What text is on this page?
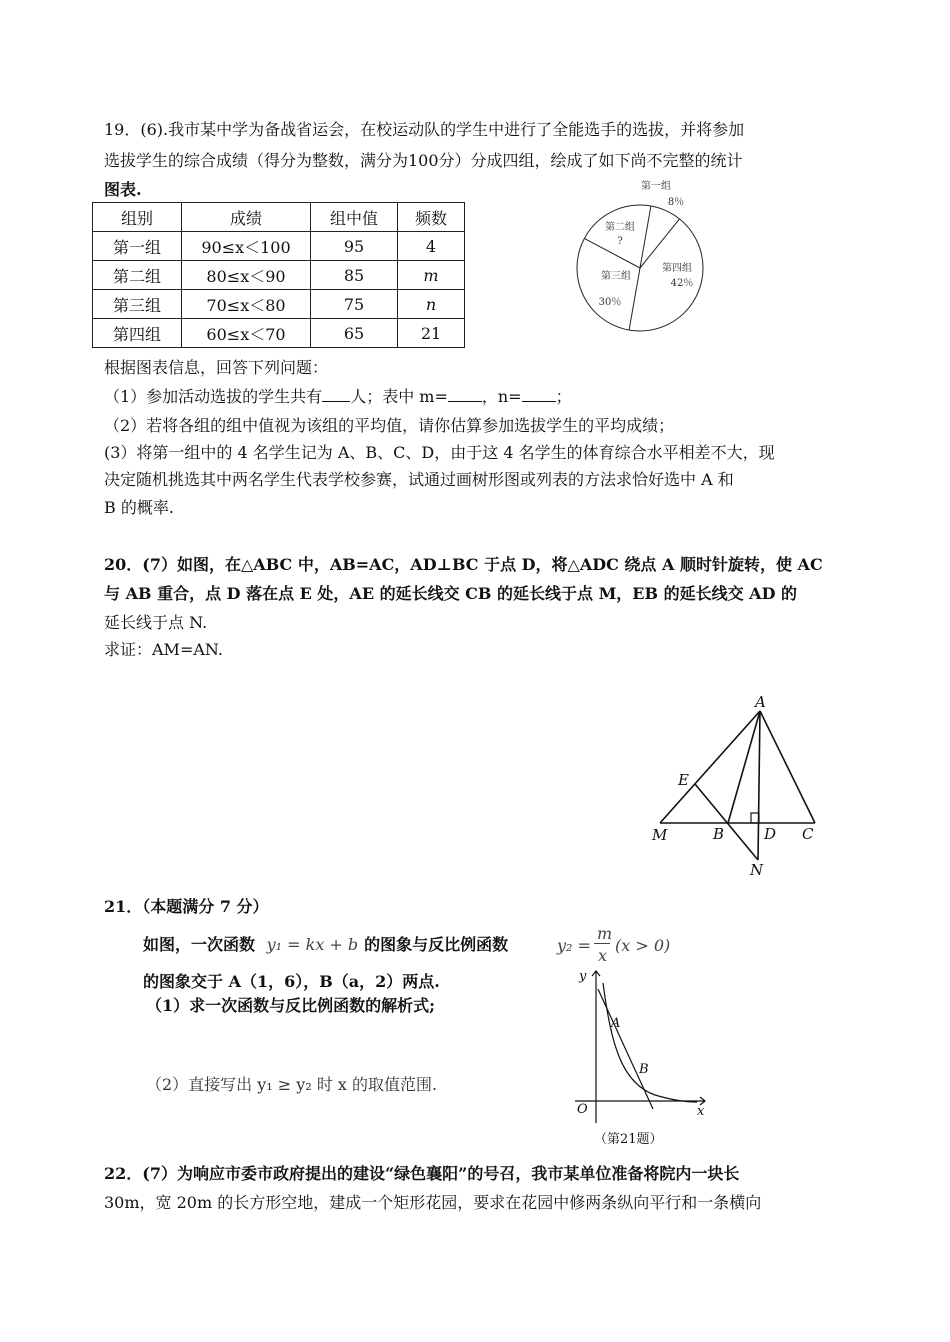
19．(6).我市某中学为备战省运会，在校运动队的学生中进行了全能选手的选拔，并将参加
选拔学生的综合成绩（得分为整数，满分为100分）分成四组，绘成了如下尚不完整的统计
图表.
组别	成绩	组中值	频数
第一组	90≤x＜100	95	4
第二组	80≤x＜90	85	m
第三组	70≤x＜80	75	n
第四组	60≤x＜70	65	21
第一组
8％
第二组
?
第三组
30％
第四组
42％
根据图表信息，回答下列问题：
（1）参加活动选拔的学生共有 人；表中 m= ，n= ；
（2）若将各组的组中值视为该组的平均值，请你估算参加选拔学生的平均成绩；
(3）将第一组中的 4 名学生记为 A、B、C、D，由于这 4 名学生的体育综合水平相差不大，现
决定随机挑选其中两名学生代表学校参赛，试通过画树形图或列表的方法求恰好选中 A 和
B 的概率.
20．(7）如图，在△ABC 中，AB=AC，AD⊥BC 于点 D，将△ADC 绕点 A 顺时针旋转，使 AC
与 AB 重合，点 D 落在点 E 处，AE 的延长线交 CB 的延长线于点 M，EB 的延长线交 AD 的
延长线于点 N.
求证：AM=AN.
A
E
M	B	D C
N
21．（本题满分 7 分）
如图，一次函数 y₁ = kx + b 的图象与反比例函数	y₂ =
m
x
(x > 0)
的图象交于 A（1，6），B（a，2）两点.
（1）求一次函数与反比例函数的解析式;
（2）直接写出 y₁ ≥ y₂ 时 x 的取值范围.
y
x
O
A
B
（第21题）
22．(7）为响应市委市政府提出的建设“绿色襄阳”的号召，我市某单位准备将院内一块长
30m，宽 20m 的长方形空地，建成一个矩形花园，要求在花园中修两条纵向平行和一条横向
